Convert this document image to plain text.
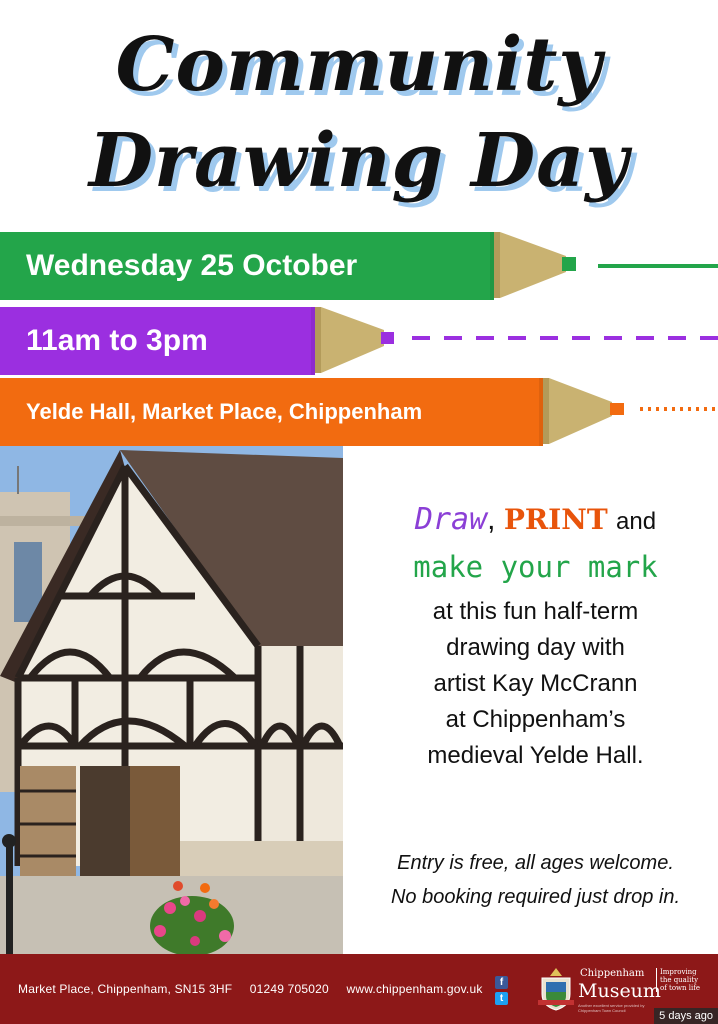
Community
Drawing Day
Wednesday 25 October
11am to 3pm
Yelde Hall, Market Place, Chippenham
Draw, PRINT and
make your mark
at this fun half-term
drawing day with
artist Kay McCrann
at Chippenham’s
medieval Yelde Hall.
Entry is free, all ages welcome.
No booking required just drop in.
Market Place, Chippenham, SN15 3HF 01249 705020 www.chippenham.gov.uk	f
t
Chippenham
Museum
Another excellent service provided by Chippenham Town Council
Improving the quality of town life
5 days ago
